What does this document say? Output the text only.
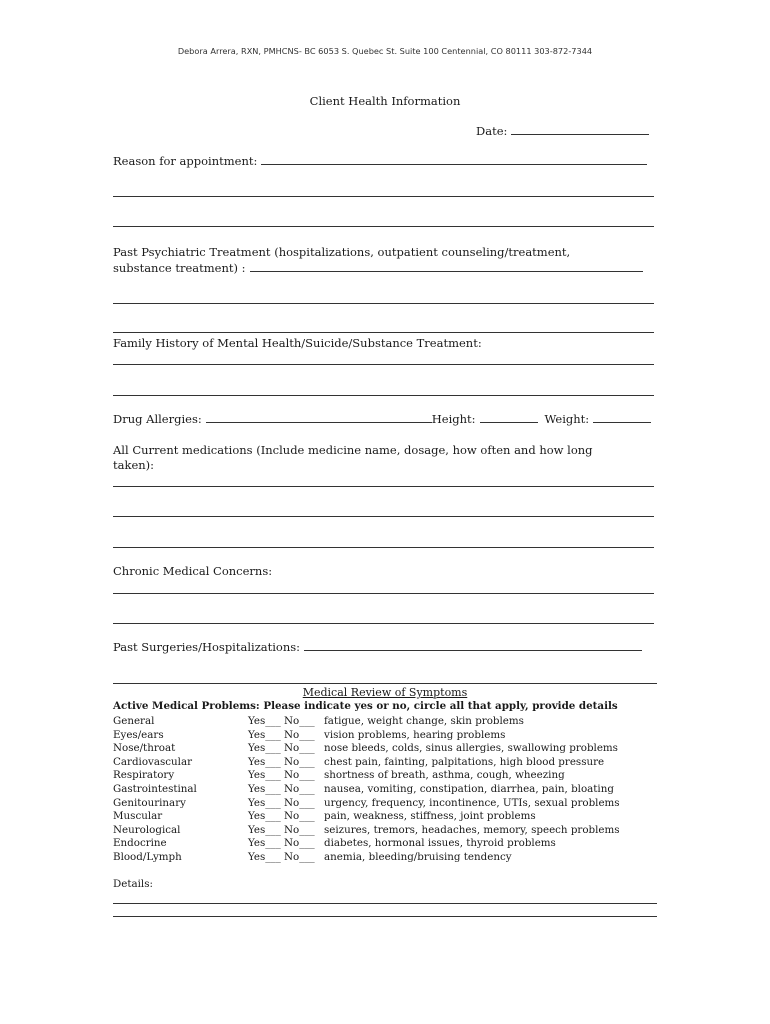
Debora Arrera, RXN, PMHCNS- BC 6053 S. Quebec St. Suite 100 Centennial, CO 80111 303-872-7344
Client Health Information
Date:
Reason for appointment:
Past Psychiatric Treatment (hospitalizations, outpatient counseling/treatment,
substance treatment) :
Family History of Mental Health/Suicide/Substance Treatment:
Drug Allergies:	Height:	Weight:
All Current medications (Include medicine name, dosage, how often and how long
taken):
Chronic Medical Concerns:
Past Surgeries/Hospitalizations:
Medical Review of Symptoms
Active Medical Problems: Please indicate yes or no, circle all that apply, provide details
General	Yes___ No___ fatigue, weight change, skin problems
Eyes/ears	Yes___ No___ vision problems, hearing problems
Nose/throat	Yes___ No___ nose bleeds, colds, sinus allergies, swallowing problems
Cardiovascular	Yes___ No___ chest pain, fainting, palpitations, high blood pressure
Respiratory	Yes___ No___ shortness of breath, asthma, cough, wheezing
Gastrointestinal	Yes___ No___ nausea, vomiting, constipation, diarrhea, pain, bloating
Genitourinary	Yes___ No___ urgency, frequency, incontinence, UTIs, sexual problems
Muscular	Yes___ No___ pain, weakness, stiffness, joint problems
Neurological	Yes___ No___ seizures, tremors, headaches, memory, speech problems
Endocrine	Yes___ No___ diabetes, hormonal issues, thyroid problems
Blood/Lymph	Yes___ No___ anemia, bleeding/bruising tendency
Details:
